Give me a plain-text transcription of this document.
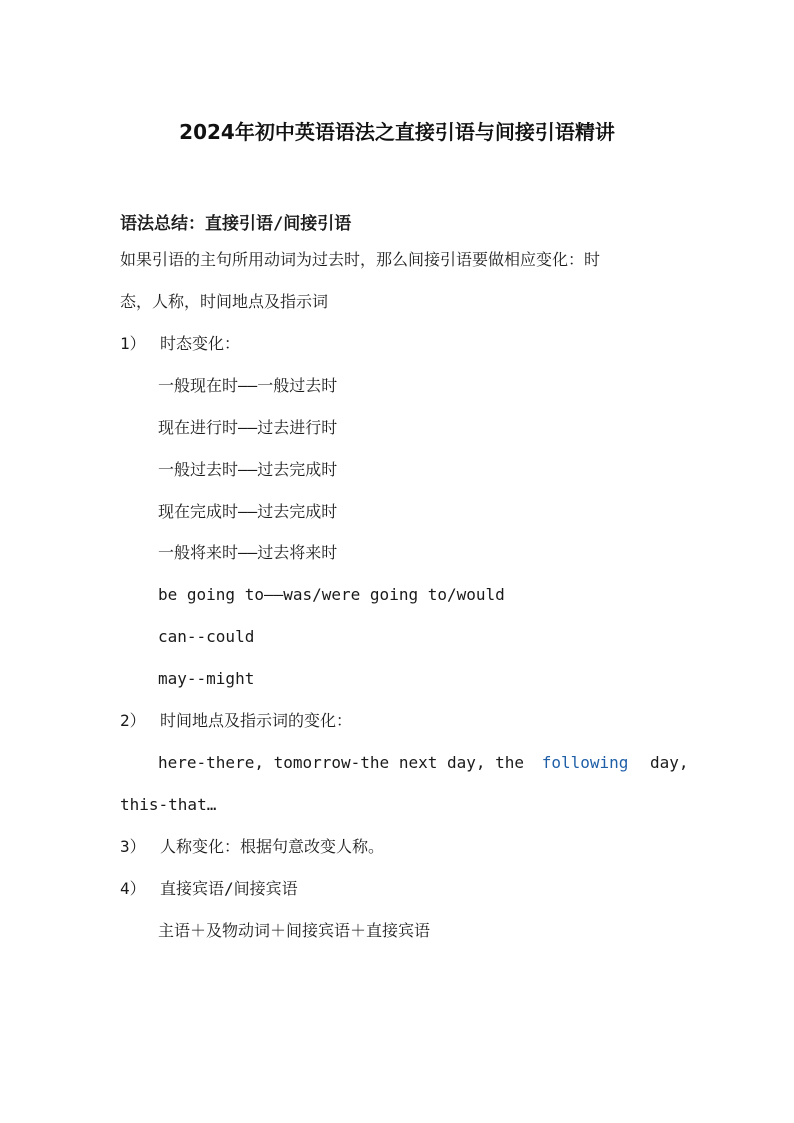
2024年初中英语语法之直接引语与间接引语精讲
语法总结：直接引语/间接引语
如果引语的主句所用动词为过去时，那么间接引语要做相应变化：时
态，人称，时间地点及指示词
1） 时态变化：
一般现在时——一般过去时
现在进行时——过去进行时
一般过去时——过去完成时
现在完成时——过去完成时
一般将来时——过去将来时
be going to——was/were going to/would
can--could
may--might
2） 时间地点及指示词的变化：
here-there, tomorrow-the next day, the following day,
this-that…
3） 人称变化：根据句意改变人称。
4） 直接宾语/间接宾语
主语＋及物动词＋间接宾语＋直接宾语
